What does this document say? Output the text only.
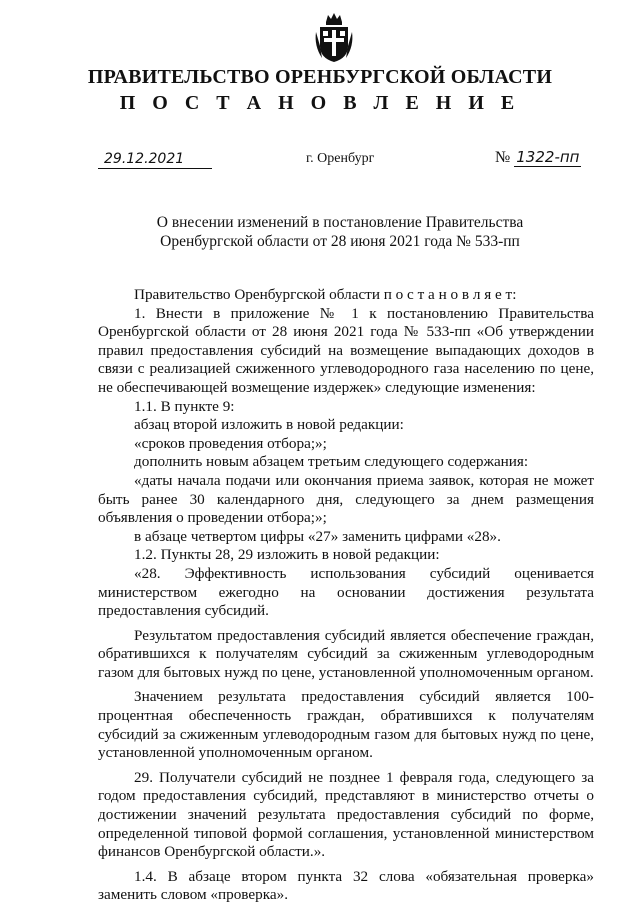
ПРАВИТЕЛЬСТВО ОРЕНБУРГСКОЙ ОБЛАСТИ
П О С Т А Н О В Л Е Н И Е
29.12.2021	г. Оренбург	№ 1322-пп
О внесении изменений в постановление Правительства
Оренбургской области от 28 июня 2021 года № 533-пп

Правительство Оренбургской области п о с т а н о в л я е т:

1. Внести в приложение № 1 к постановлению Правительства Оренбургской области от 28 июня 2021 года № 533-пп «Об утверждении правил предоставления субсидий на возмещение выпадающих доходов в связи с реализацией сжиженного углеводородного газа населению по цене, не обеспечивающей возмещение издержек» следующие изменения:

1.1. В пункте 9:

абзац второй изложить в новой редакции:

«сроков проведения отбора;»;

дополнить новым абзацем третьим следующего содержания:

«даты начала подачи или окончания приема заявок, которая не может быть ранее 30 календарного дня, следующего за днем размещения объявления о проведении отбора;»;

в абзаце четвертом цифры «27» заменить цифрами «28».

1.2. Пункты 28, 29 изложить в новой редакции:

«28. Эффективность использования субсидий оценивается министерством ежегодно на основании достижения результата предоставления субсидий.

Результатом предоставления субсидий является обеспечение граждан, обратившихся к получателям субсидий за сжиженным углеводородным газом для бытовых нужд по цене, установленной уполномоченным органом.

Значением результата предоставления субсидий является 100-процентная обеспеченность граждан, обратившихся к получателям субсидий за сжиженным углеводородным газом для бытовых нужд по цене, установленной уполномоченным органом.

29. Получатели субсидий не позднее 1 февраля года, следующего за годом предоставления субсидий, представляют в министерство отчеты о достижении значений результата предоставления субсидий по форме, определенной типовой формой соглашения, установленной министерством финансов Оренбургской области.».

1.4. В абзаце втором пункта 32 слова «обязательная проверка» заменить словом «проверка».
